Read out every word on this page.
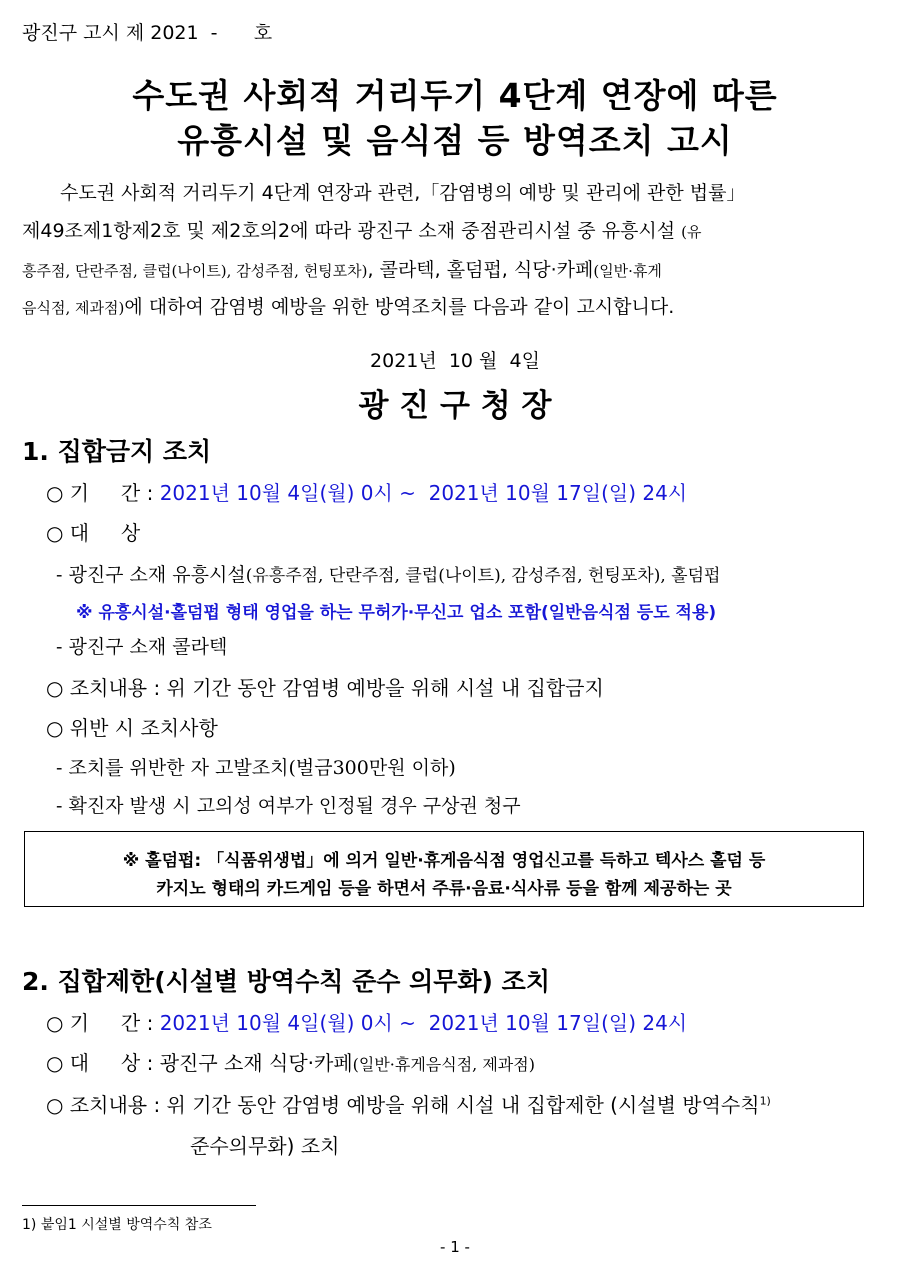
광진구 고시 제 2021  -      호
수도권 사회적 거리두기 4단계 연장에 따른
유흥시설 및 음식점 등 방역조치 고시
수도권 사회적 거리두기 4단계 연장과 관련,「감염병의 예방 및 관리에 관한 법률」
제49조제1항제2호 및 제2호의2에 따라 광진구 소재 중점관리시설 중 유흥시설 (유
흥주점, 단란주점, 클럽(나이트), 감성주점, 헌팅포차), 콜라텍, 홀덤펍, 식당·카페(일반·휴게
음식점, 제과점)에 대하여 감염병 예방을 위한 방역조치를 다음과 같이 고시합니다.
2021년  10 월  4일
광 진 구 청 장
1. 집합금지 조치
○ 기     간 : 2021년 10월 4일(월) 0시 ~  2021년 10월 17일(일) 24시
○ 대     상
- 광진구 소재 유흥시설(유흥주점, 단란주점, 클럽(나이트), 감성주점, 헌팅포차), 홀덤펍
※ 유흥시설·홀덤펍 형태 영업을 하는 무허가·무신고 업소 포함(일반음식점 등도 적용)
- 광진구 소재 콜라텍
○ 조치내용 : 위 기간 동안 감염병 예방을 위해 시설 내 집합금지
○ 위반 시 조치사항
- 조치를 위반한 자 고발조치(벌금300만원 이하)
- 확진자 발생 시 고의성 여부가 인정될 경우 구상권 청구
※ 홀덤펍: 「식품위생법」에 의거 일반·휴게음식점 영업신고를 득하고 텍사스 홀덤 등
카지노 형태의 카드게임 등을 하면서 주류·음료·식사류 등을 함께 제공하는 곳
2. 집합제한(시설별 방역수칙 준수 의무화) 조치
○ 기     간 : 2021년 10월 4일(월) 0시 ~  2021년 10월 17일(일) 24시
○ 대     상 : 광진구 소재 식당·카페(일반·휴게음식점, 제과점)
○ 조치내용 : 위 기간 동안 감염병 예방을 위해 시설 내 집합제한 (시설별 방역수칙$^{1)}$
준수의무화) 조치
1) 붙임1 시설별 방역수칙 참조
- 1 -
